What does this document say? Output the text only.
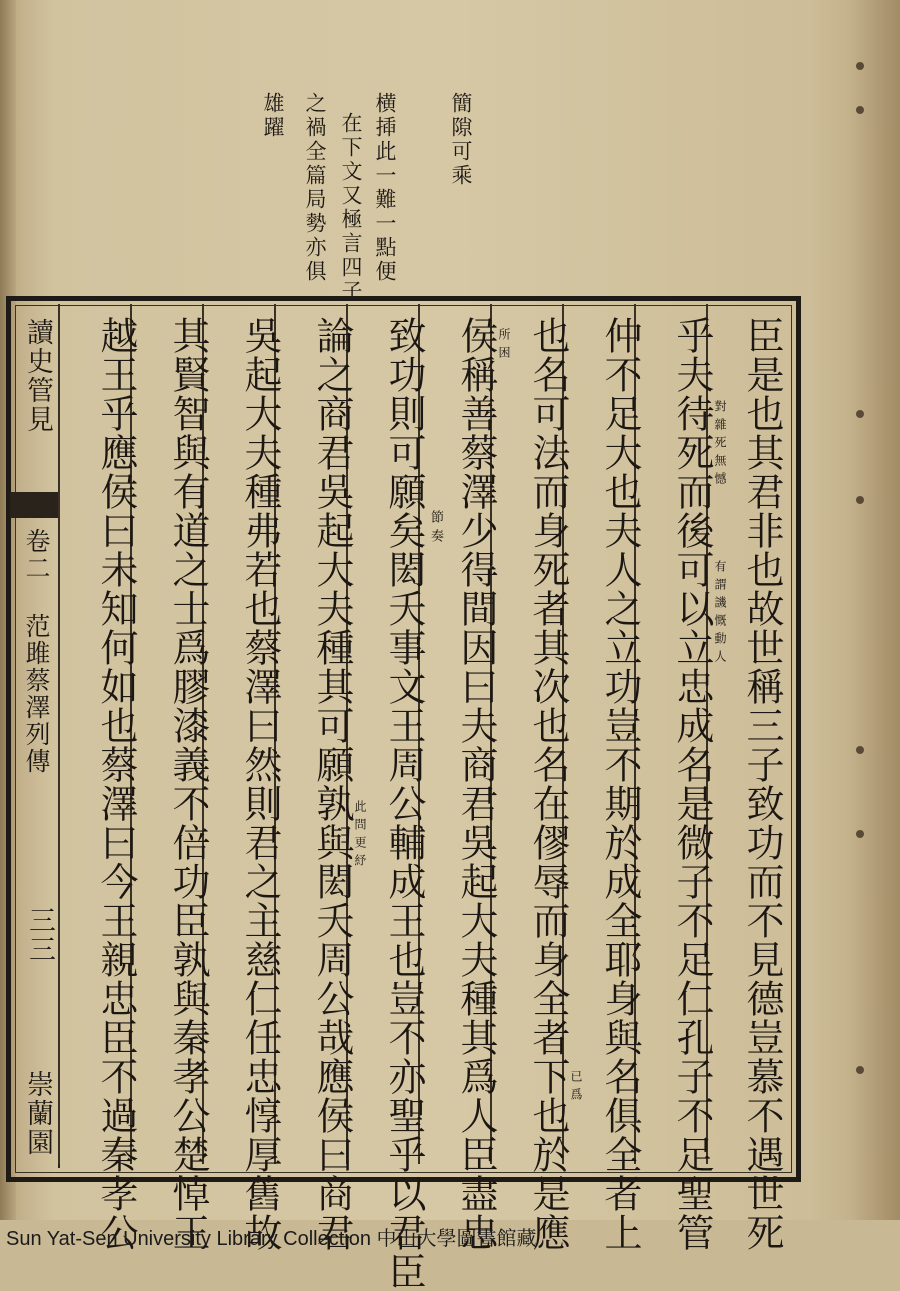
簡隙可乘
横揷此一難一點便
在下文又極言四子
之禍全篇局勢亦俱
雄躍
讀史管見
卷二 范雎蔡澤列傳
三三
崇蘭園	臣是也其君非也故世稱三子致功而不見德豈慕不遇世死
乎夫待死而後可以立忠成名是微子不足仁孔子不足聖管
仲不足大也夫人之立功豈不期於成全耶身與名俱全者上
也名可法而身死者其次也名在僇辱而身全者下也於是應
侯稱善蔡澤少得間因曰夫商君吳起大夫種其爲人臣盡忠
致功則可願矣閎夭事文王周公輔成王也豈不亦聖乎以君臣
論之商君吳起大夫種其可願孰與閎夭周公哉應侯曰商君
吳起大夫種弗若也蔡澤曰然則君之主慈仁任忠惇厚舊故
其賢智與有道之士爲膠漆義不倍功臣孰與秦孝公楚悼王
越王乎應侯曰未知何如也蔡澤曰今王親忠臣不過秦孝公	對雜死無憾
有謂譏慨動人
所困
節奏
此問更紓
已爲
Sun Yat-Sen University Library Collection 中山大學圖書館藏
